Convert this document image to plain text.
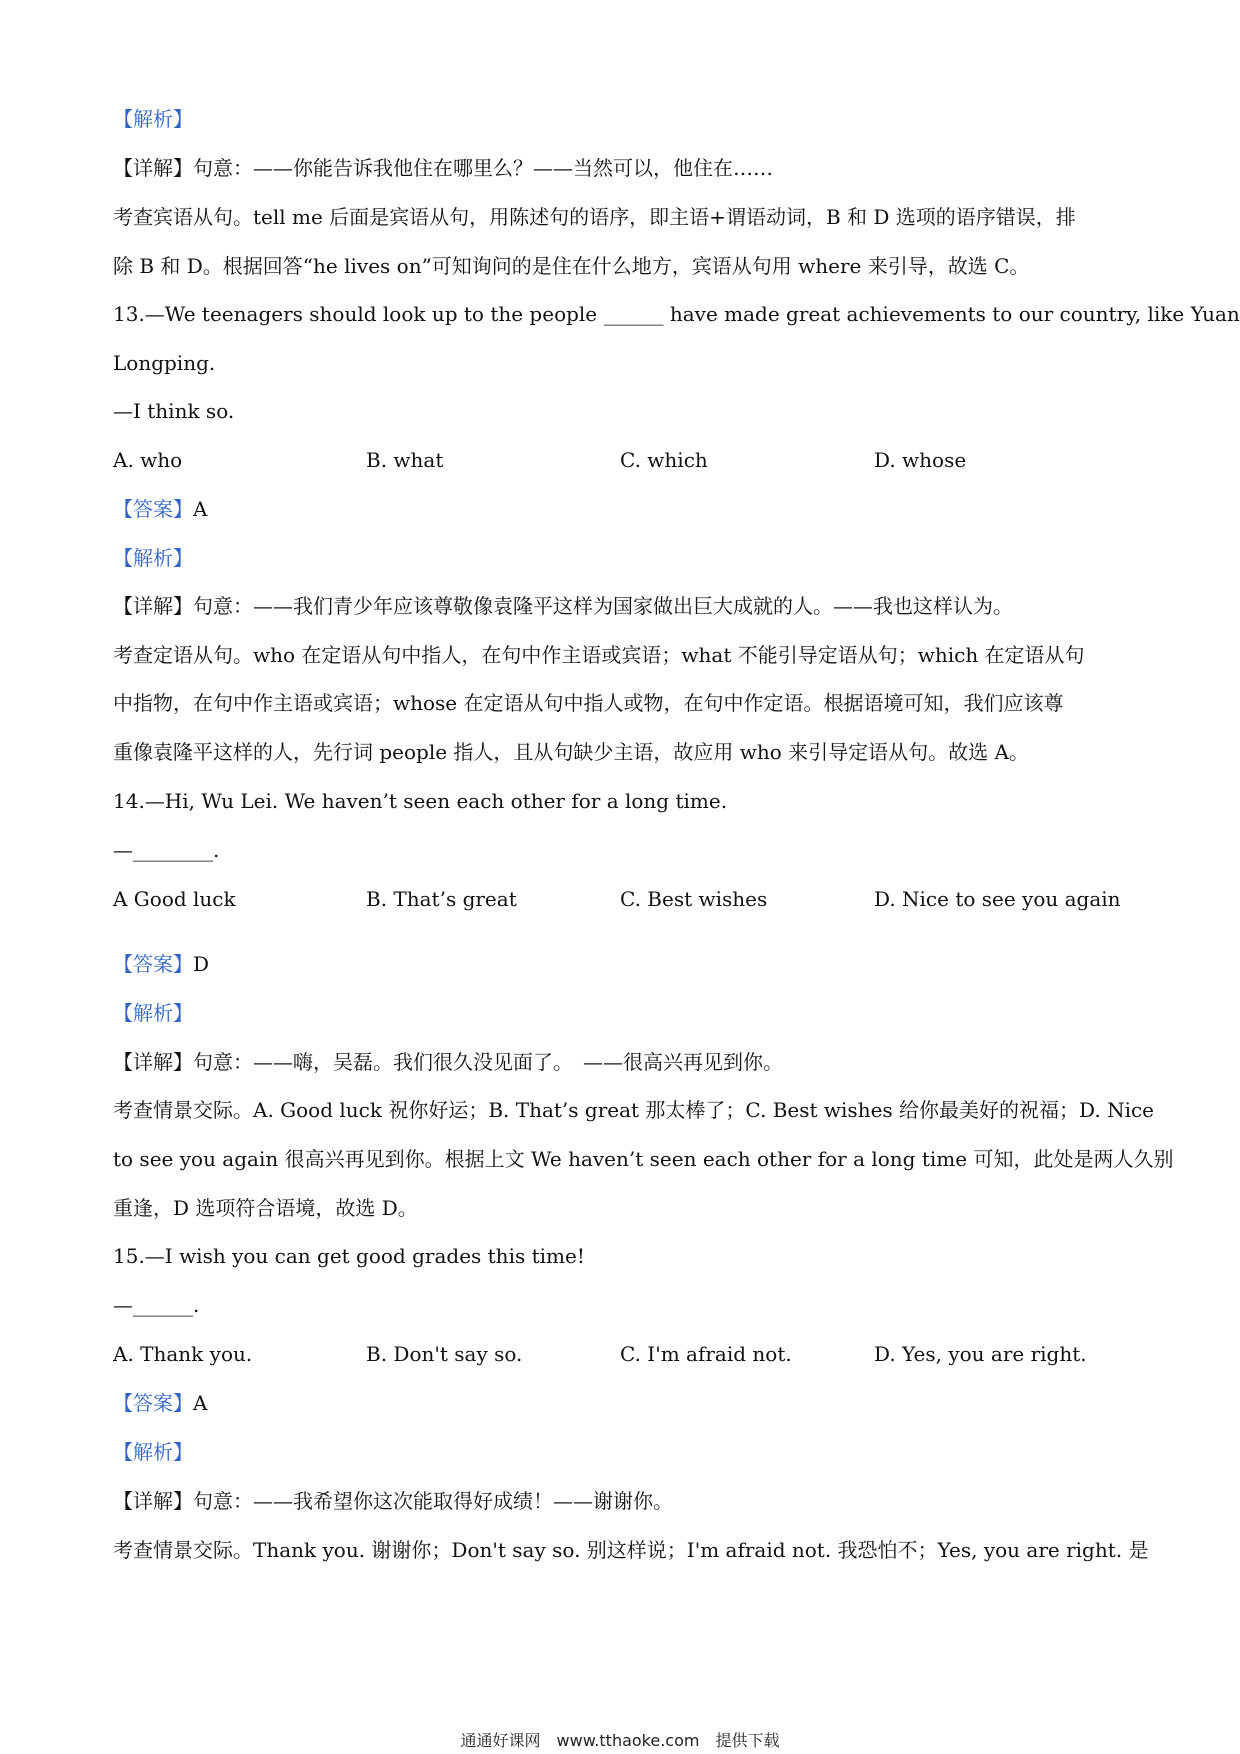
【解析】
【详解】句意：——你能告诉我他住在哪里么？——当然可以，他住在……
考查宾语从句。tell me 后面是宾语从句，用陈述句的语序，即主语+谓语动词，B 和 D 选项的语序错误，排
除 B 和 D。根据回答“he lives on”可知询问的是住在什么地方，宾语从句用 where 来引导，故选 C。
13.—We teenagers should look up to the people ______ have made great achievements to our country, like Yuan
Longping.
—I think so.
A. who	B. what	C. which	D. whose
【答案】A
【解析】
【详解】句意：——我们青少年应该尊敬像袁隆平这样为国家做出巨大成就的人。——我也这样认为。
考查定语从句。who 在定语从句中指人，在句中作主语或宾语；what 不能引导定语从句；which 在定语从句
中指物，在句中作主语或宾语；whose 在定语从句中指人或物，在句中作定语。根据语境可知，我们应该尊
重像袁隆平这样的人，先行词 people 指人，且从句缺少主语，故应用 who 来引导定语从句。故选 A。
14.—Hi, Wu Lei. We haven’t seen each other for a long time.
—________.
A Good luck	B. That’s great	C. Best wishes	D. Nice to see you again
【答案】D
【解析】
【详解】句意：——嗨，吴磊。我们很久没见面了。　——很高兴再见到你。
考查情景交际。A. Good luck 祝你好运；B. That’s great 那太棒了；C. Best wishes 给你最美好的祝福；D. Nice
to see you again 很高兴再见到你。根据上文 We haven’t seen each other for a long time 可知，此处是两人久别
重逢，D 选项符合语境，故选 D。
15.—I wish you can get good grades this time!
—______.
A. Thank you.	B. Don't say so.	C. I'm afraid not.	D. Yes, you are right.
【答案】A
【解析】
【详解】句意：——我希望你这次能取得好成绩！——谢谢你。
考查情景交际。Thank you. 谢谢你；Don't say so. 别这样说；I'm afraid not. 我恐怕不；Yes, you are right. 是
通通好课网　www.tthaoke.com　提供下载
